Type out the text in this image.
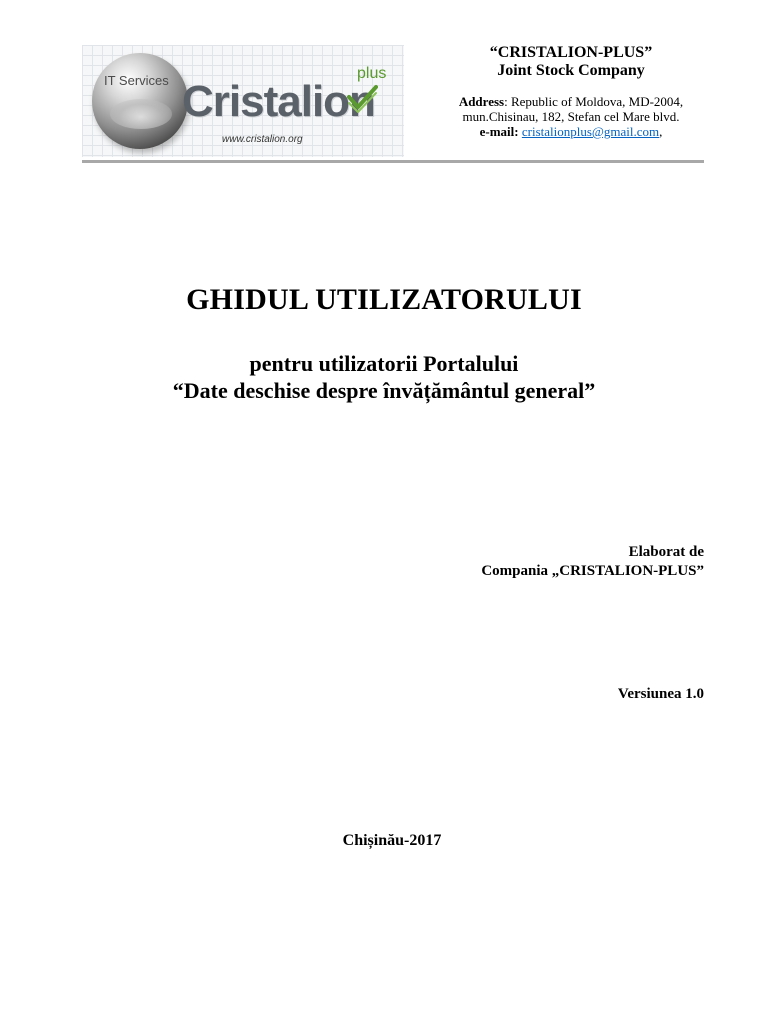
IT Services Cristalion
plus
www.cristalion.org
“CRISTALION-PLUS”
Joint Stock Company
Address: Republic of Moldova, MD-2004,
mun.Chisinau, 182, Stefan cel Mare blvd.
e-mail: cristalionplus@gmail.com,
GHIDUL UTILIZATORULUI
pentru utilizatorii Portalului
“Date deschise despre învățământul general”
Elaborat de
Compania „CRISTALION-PLUS”
Versiunea 1.0
Chișinău-2017
